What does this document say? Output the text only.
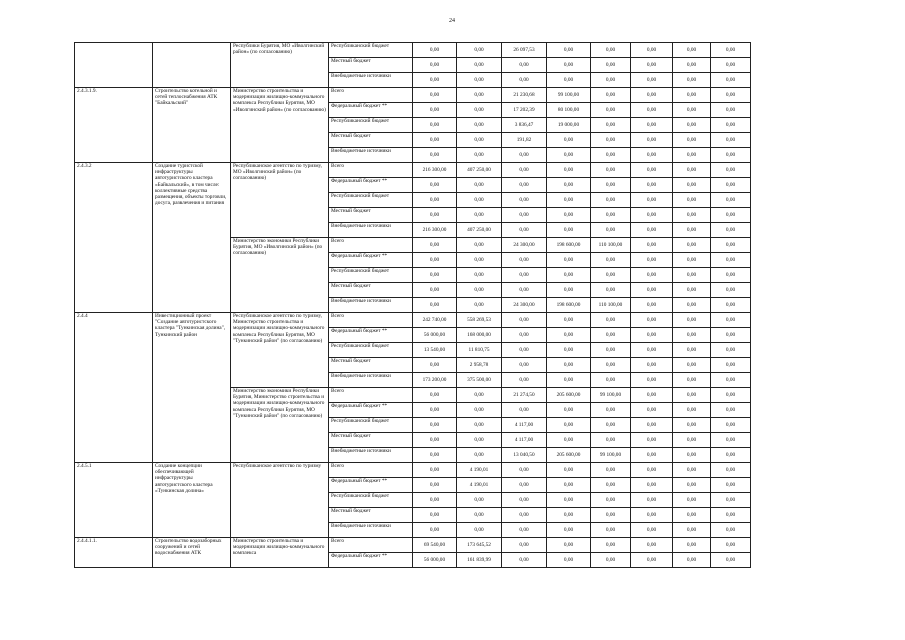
24
		Республики Бурятия, МО «Иволгинский район» (по согласованию)	Республиканский бюджет	0,00	0,00	26 097,53	0,00	0,00	0,00	0,00	0,00
			Местный бюджет	0,00	0,00	0,00	0,00	0,00	0,00	0,00	0,00
			Внебюджетные источники	0,00	0,00	0,00	0,00	0,00	0,00	0,00	0,00
2.4.3.1.9.	Строительство котельной и сетей теплоснабжения АТК "Байкальский"	Министерство строительства и модернизации жилищно-коммунального комплекса Республики Бурятия, МО «Иволгинский район» (по согласованию)	Всего	0,00	0,00	21 230,68	99 100,00	0,00	0,00	0,00	0,00
			Федеральный бюджет **	0,00	0,00	17 202,39	80 100,00	0,00	0,00	0,00	0,00
			Республиканский бюджет	0,00	0,00	3 836,47	19 000,00	0,00	0,00	0,00	0,00
			Местный бюджет	0,00	0,00	191,82	0,00	0,00	0,00	0,00	0,00
			Внебюджетные источники	0,00	0,00	0,00	0,00	0,00	0,00	0,00	0,00
2.4.3.2	Создание туристской инфраструктуры автотуристского кластера «Байкальский», в том числе: коллективные средства размещения, объекты торговли, досуга, развлечения и питания	Республиканское агентство по туризму, МО «Иволгинский район» (по согласованию)	Всего	216 300,00	407 250,00	0,00	0,00	0,00	0,00	0,00	0,00
			Федеральный бюджет **	0,00	0,00	0,00	0,00	0,00	0,00	0,00	0,00
			Республиканский бюджет	0,00	0,00	0,00	0,00	0,00	0,00	0,00	0,00
			Местный бюджет	0,00	0,00	0,00	0,00	0,00	0,00	0,00	0,00
			Внебюджетные источники	216 300,00	407 250,00	0,00	0,00	0,00	0,00	0,00	0,00
		Министерство экономики Республики Бурятия, МО «Иволгинский район» (по согласованию)	Всего	0,00	0,00	24 300,00	198 600,00	110 100,00	0,00	0,00	0,00
			Федеральный бюджет **	0,00	0,00	0,00	0,00	0,00	0,00	0,00	0,00
			Республиканский бюджет	0,00	0,00	0,00	0,00	0,00	0,00	0,00	0,00
			Местный бюджет	0,00	0,00	0,00	0,00	0,00	0,00	0,00	0,00
			Внебюджетные источники	0,00	0,00	24 300,00	198 600,00	110 100,00	0,00	0,00	0,00
2.4.4	Инвестиционный проект "Создание автотуристского кластера "Тункинская долина", Тункинский район	Республиканское агентство по туризму, Министерство строительства и модернизации жилищно-коммунального комплекса Республики Бурятия, МО "Тункинский район" (по согласованию)	Всего	242 740,00	558 269,53	0,00	0,00	0,00	0,00	0,00	0,00
			Федеральный бюджет **	56 000,00	168 000,00	0,00	0,00	0,00	0,00	0,00	0,00
			Республиканский бюджет	13 540,00	11 810,75	0,00	0,00	0,00	0,00	0,00	0,00
			Местный бюджет	0,00	2 958,78	0,00	0,00	0,00	0,00	0,00	0,00
			Внебюджетные источники	173 200,00	375 500,00	0,00	0,00	0,00	0,00	0,00	0,00
		Министерство экономики Республики Бурятия, Министерство строительства и модернизации жилищно-коммунального комплекса Республики Бурятия, МО "Тункинский район" (по согласованию)	Всего	0,00	0,00	21 274,50	205 600,00	99 100,00	0,00	0,00	0,00
			Федеральный бюджет **	0,00	0,00	0,00	0,00	0,00	0,00	0,00	0,00
			Республиканский бюджет	0,00	0,00	4 117,00	0,00	0,00	0,00	0,00	0,00
			Местный бюджет	0,00	0,00	4 117,00	0,00	0,00	0,00	0,00	0,00
			Внебюджетные источники	0,00	0,00	13 040,50	205 600,00	99 100,00	0,00	0,00	0,00
2.4.5.1	Создание концепции обеспечивающей инфраструктуры автотуристского кластера «Тункинская долина»	Республиканское агентство по туризму	Всего	0,00	4 190,01	0,00	0,00	0,00	0,00	0,00	0,00
			Федеральный бюджет **	0,00	4 190,01	0,00	0,00	0,00	0,00	0,00	0,00
			Республиканский бюджет	0,00	0,00	0,00	0,00	0,00	0,00	0,00	0,00
			Местный бюджет	0,00	0,00	0,00	0,00	0,00	0,00	0,00	0,00
			Внебюджетные источники	0,00	0,00	0,00	0,00	0,00	0,00	0,00	0,00
2.4.4.1.1.	Строительство водозаборных сооружений и сетей водоснабжения АТК	Министерство строительства и модернизации жилищно-коммунального комплекса	Всего	69 540,00	173 645,52	0,00	0,00	0,00	0,00	0,00	0,00
			Федеральный бюджет **	56 000,00	161 839,99	0,00	0,00	0,00	0,00	0,00	0,00
